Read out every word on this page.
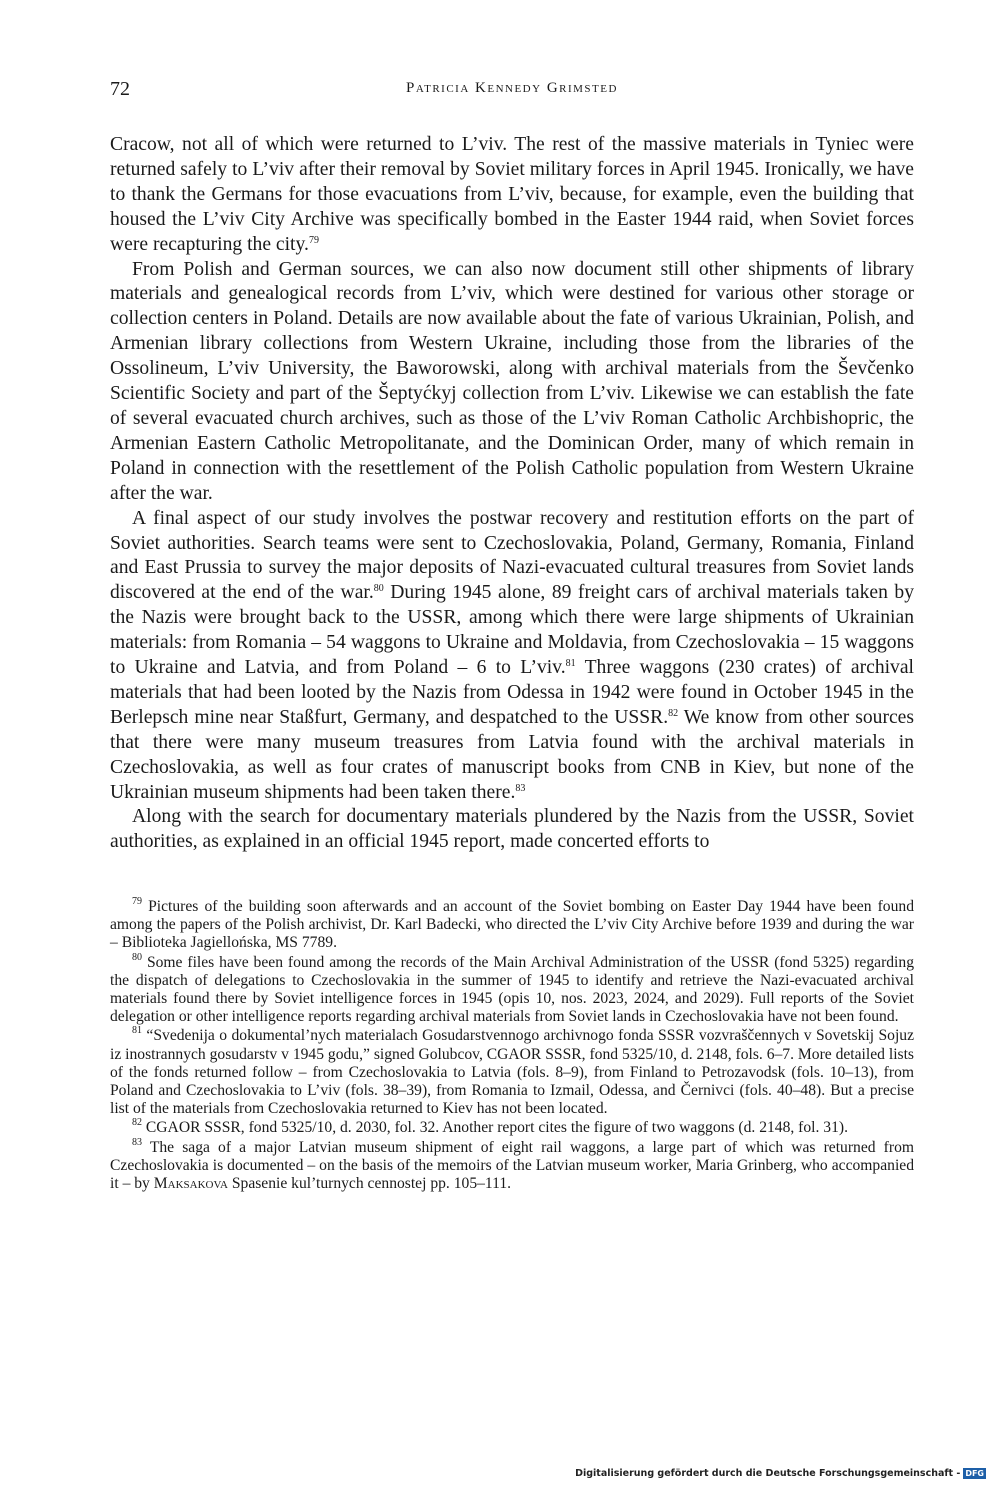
72	Patricia Kennedy Grimsted

Cracow, not all of which were returned to L’viv. The rest of the massive materials in Tyniec were returned safely to L’viv after their removal by Soviet military forces in April 1945. Ironically, we have to thank the Germans for those evacuations from L’viv, because, for example, even the building that housed the L’viv City Archive was specifically bombed in the Easter 1944 raid, when Soviet forces were recapturing the city.$^{79}$

From Polish and German sources, we can also now document still other shipments of library materials and genealogical records from L’viv, which were destined for various other storage or collection centers in Poland. Details are now available about the fate of various Ukrainian, Polish, and Armenian library collections from Western Ukraine, including those from the libraries of the Ossolineum, L’viv University, the Baworowski, along with archival materials from the Ševčenko Scientific Society and part of the Šeptyćkyj collection from L’viv. Likewise we can establish the fate of several evacuated church archives, such as those of the L’viv Roman Catholic Archbishopric, the Armenian Eastern Catholic Metropolitanate, and the Dominican Order, many of which remain in Poland in connection with the resettlement of the Polish Catholic population from Western Ukraine after the war.

A final aspect of our study involves the postwar recovery and restitution efforts on the part of Soviet authorities. Search teams were sent to Czechoslovakia, Poland, Germany, Romania, Finland and East Prussia to survey the major deposits of Nazi-evacuated cultural treasures from Soviet lands discovered at the end of the war.$^{80}$ During 1945 alone, 89 freight cars of archival materials taken by the Nazis were brought back to the USSR, among which there were large shipments of Ukrainian materials: from Romania – 54 waggons to Ukraine and Moldavia, from Czechoslovakia – 15 waggons to Ukraine and Latvia, and from Poland – 6 to L’viv.$^{81}$ Three waggons (230 crates) of archival materials that had been looted by the Nazis from Odessa in 1942 were found in October 1945 in the Berlepsch mine near Staßfurt, Germany, and despatched to the USSR.$^{82}$ We know from other sources that there were many museum treasures from Latvia found with the archival materials in Czechoslovakia, as well as four crates of manuscript books from CNB in Kiev, but none of the Ukrainian museum shipments had been taken there.$^{83}$

Along with the search for documentary materials plundered by the Nazis from the USSR, Soviet authorities, as explained in an official 1945 report, made concerted efforts to

$^{79}$ Pictures of the building soon afterwards and an account of the Soviet bombing on Easter Day 1944 have been found among the papers of the Polish archivist, Dr. Karl Badecki, who directed the L’viv City Archive before 1939 and during the war – Biblioteka Jagiellońska, MS 7789.

$^{80}$ Some files have been found among the records of the Main Archival Administration of the USSR (fond 5325) regarding the dispatch of delegations to Czechoslovakia in the summer of 1945 to identify and retrieve the Nazi-evacuated archival materials found there by Soviet intelligence forces in 1945 (opis 10, nos. 2023, 2024, and 2029). Full reports of the Soviet delegation or other intelligence reports regarding archival materials from Soviet lands in Czechoslovakia have not been found.

$^{81}$ “Svedenija o dokumental’nych materialach Gosudarstvennogo archivnogo fonda SSSR vozvraščennych v Sovetskij Sojuz iz inostrannych gosudarstv v 1945 godu,” signed Golubcov, CGAOR SSSR, fond 5325/10, d. 2148, fols. 6–7. More detailed lists of the fonds returned follow – from Czechoslovakia to Latvia (fols. 8–9), from Finland to Petrozavodsk (fols. 10–13), from Poland and Czechoslovakia to L’viv (fols. 38–39), from Romania to Izmail, Odessa, and Černivci (fols. 40–48). But a precise list of the materials from Czechoslovakia returned to Kiev has not been located.

$^{82}$ CGAOR SSSR, fond 5325/10, d. 2030, fol. 32. Another report cites the figure of two waggons (d. 2148, fol. 31).

$^{83}$ The saga of a major Latvian museum shipment of eight rail waggons, a large part of which was returned from Czechoslovakia is documented – on the basis of the memoirs of the Latvian museum worker, Maria Grinberg, who accompanied it – by Maksakova Spasenie kul’turnych cennostej pp. 105–111.

Digitalisierung gefördert durch die Deutsche Forschungsgemeinschaft - DFG
